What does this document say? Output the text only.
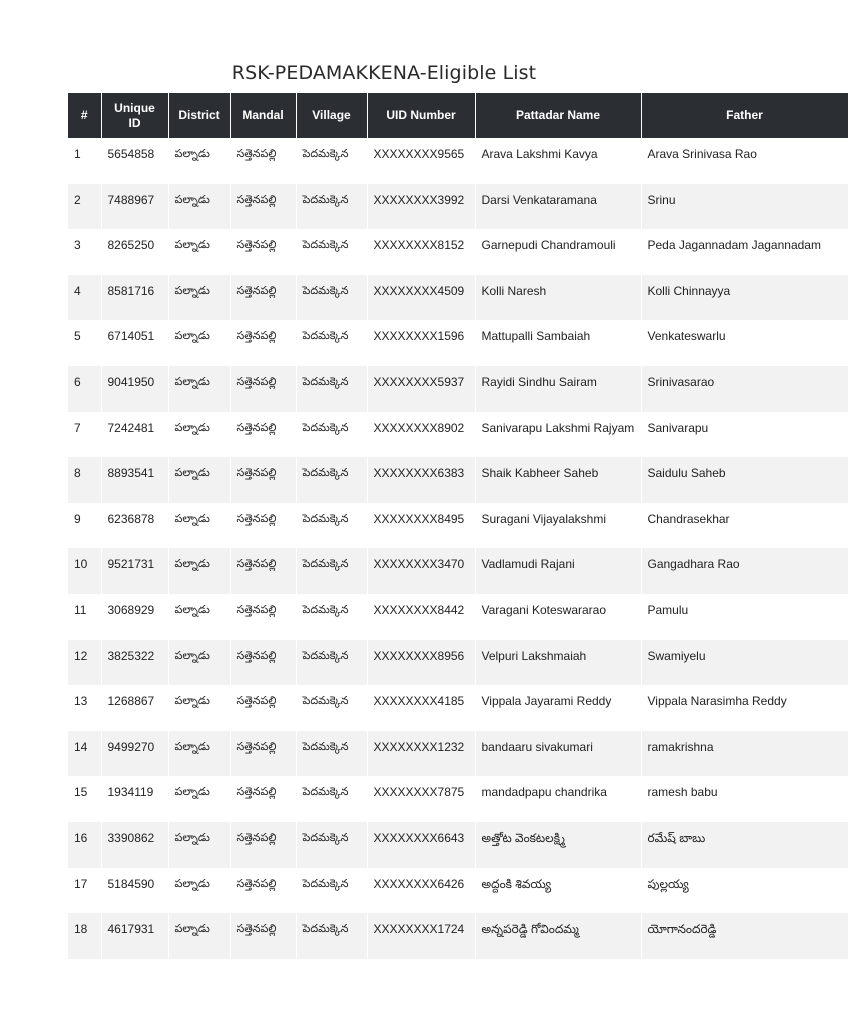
RSK-PEDAMAKKENA-Eligible List
#	Unique ID	District	Mandal	Village	UID Number	Pattadar Name	Father
1	5654858	పల్నాడు	సత్తెనపల్లి	పెదమక్కెన	XXXXXXXX9565	Arava Lakshmi Kavya	Arava Srinivasa Rao
2	7488967	పల్నాడు	సత్తెనపల్లి	పెదమక్కెన	XXXXXXXX3992	Darsi Venkataramana	Srinu
3	8265250	పల్నాడు	సత్తెనపల్లి	పెదమక్కెన	XXXXXXXX8152	Garnepudi Chandramouli	Peda Jagannadam Jagannadam
4	8581716	పల్నాడు	సత్తెనపల్లి	పెదమక్కెన	XXXXXXXX4509	Kolli Naresh	Kolli Chinnayya
5	6714051	పల్నాడు	సత్తెనపల్లి	పెదమక్కెన	XXXXXXXX1596	Mattupalli Sambaiah	Venkateswarlu
6	9041950	పల్నాడు	సత్తెనపల్లి	పెదమక్కెన	XXXXXXXX5937	Rayidi Sindhu Sairam	Srinivasarao
7	7242481	పల్నాడు	సత్తెనపల్లి	పెదమక్కెన	XXXXXXXX8902	Sanivarapu Lakshmi Rajyam	Sanivarapu
8	8893541	పల్నాడు	సత్తెనపల్లి	పెదమక్కెన	XXXXXXXX6383	Shaik Kabheer Saheb	Saidulu Saheb
9	6236878	పల్నాడు	సత్తెనపల్లి	పెదమక్కెన	XXXXXXXX8495	Suragani Vijayalakshmi	Chandrasekhar
10	9521731	పల్నాడు	సత్తెనపల్లి	పెదమక్కెన	XXXXXXXX3470	Vadlamudi Rajani	Gangadhara Rao
11	3068929	పల్నాడు	సత్తెనపల్లి	పెదమక్కెన	XXXXXXXX8442	Varagani Koteswararao	Pamulu
12	3825322	పల్నాడు	సత్తెనపల్లి	పెదమక్కెన	XXXXXXXX8956	Velpuri Lakshmaiah	Swamiyelu
13	1268867	పల్నాడు	సత్తెనపల్లి	పెదమక్కెన	XXXXXXXX4185	Vippala Jayarami Reddy	Vippala Narasimha Reddy
14	9499270	పల్నాడు	సత్తెనపల్లి	పెదమక్కెన	XXXXXXXX1232	bandaaru sivakumari	ramakrishna
15	1934119	పల్నాడు	సత్తెనపల్లి	పెదమక్కెన	XXXXXXXX7875	mandadpapu chandrika	ramesh babu
16	3390862	పల్నాడు	సత్తెనపల్లి	పెదమక్కెన	XXXXXXXX6643	అత్తోట వెంకటలక్ష్మి	రమేష్ బాబు
17	5184590	పల్నాడు	సత్తెనపల్లి	పెదమక్కెన	XXXXXXXX6426	అద్దంకి శివయ్య	పుల్లయ్య
18	4617931	పల్నాడు	సత్తెనపల్లి	పెదమక్కెన	XXXXXXXX1724	అన్నపరెడ్డి గోవిందమ్మ	యోగానందరెడ్డి
